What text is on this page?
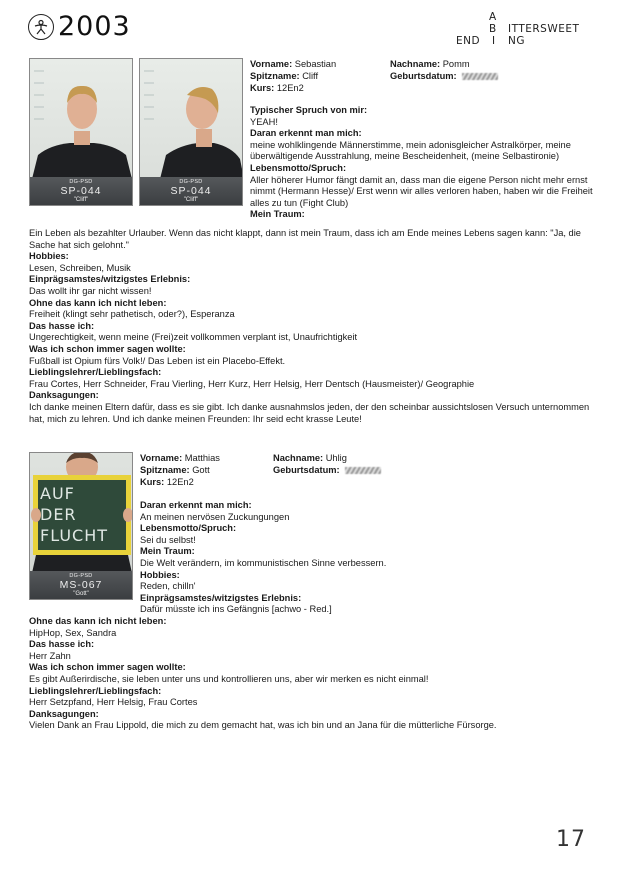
2003	A
B ITTERSWEET
END I NG
DG-PSD
SP-044
"Cliff"
DG-PSD
SP-044
"Cliff"
Vorname: Sebastian	Nachname: Pomm
Spitzname: Cliff	Geburtsdatum:
Kurs: 12En2

Typischer Spruch von mir:

YEAH!

Daran erkennt man mich:

meine wohlklingende Männerstimme, mein adonisgleicher Astralkörper, meine überwältigende Ausstrahlung, meine Bescheidenheit, (meine Selbastironie)

Lebensmotto/Spruch:

Aller höherer Humor fängt damit an, dass man die eigene Person nicht mehr ernst nimmt (Hermann Hesse)/ Erst wenn wir alles verloren haben, haben wir die Freiheit alles zu tun (Fight Club)

Mein Traum:

Ein Leben als bezahlter Urlauber. Wenn das nicht klappt, dann ist mein Traum, dass ich am Ende meines Lebens sagen kann: "Ja, die Sache hat sich gelohnt."

Hobbies:

Lesen, Schreiben, Musik

Einprägsamstes/witzigstes Erlebnis:

Das wollt ihr gar nicht wissen!

Ohne das kann ich nicht leben:

Freiheit (klingt sehr pathetisch, oder?), Esperanza

Das hasse ich:

Ungerechtigkeit, wenn meine (Frei)zeit vollkommen verplant ist, Unaufrichtigkeit

Was ich schon immer sagen wollte:

Fußball ist Opium fürs Volk!/ Das Leben ist ein Placebo-Effekt.

Lieblingslehrer/Lieblingsfach:

Frau Cortes, Herr Schneider, Frau Vierling, Herr Kurz, Herr Helsig, Herr Dentsch (Hausmeister)/ Geographie

Danksagungen:

Ich danke meinen Eltern dafür, dass es sie gibt. Ich danke ausnahmslos jeden, der den scheinbar aussichtslosen Versuch unternommen hat, mich zu lehren. Und ich danke meinen Freunden: Ihr seid echt krasse Leute!

AUF DER FLUCHT
DG-PSD
MS-067
"Gott"
Vorname: Matthias	Nachname: Uhlig
Spitzname: Gott	Geburtsdatum:
Kurs: 12En2

Daran erkennt man mich:

An meinen nervösen Zuckungungen

Lebensmotto/Spruch:

Sei du selbst!

Mein Traum:

Die Welt verändern, im kommunistischen Sinne verbessern.

Hobbies:

Reden, chilln'

Einprägsamstes/witzigstes Erlebnis:

Dafür müsste ich ins Gefängnis [achwo - Red.]

Ohne das kann ich nicht leben:

HipHop, Sex, Sandra

Das hasse ich:

Herr Zahn

Was ich schon immer sagen wollte:

Es gibt Außerirdische, sie leben unter uns und kontrollieren uns, aber wir merken es nicht einmal!

Lieblingslehrer/Lieblingsfach:

Herr Setzpfand, Herr Helsig, Frau Cortes

Danksagungen:

Vielen Dank an Frau Lippold, die mich zu dem gemacht hat, was ich bin und an Jana für die mütterliche Fürsorge.

17
